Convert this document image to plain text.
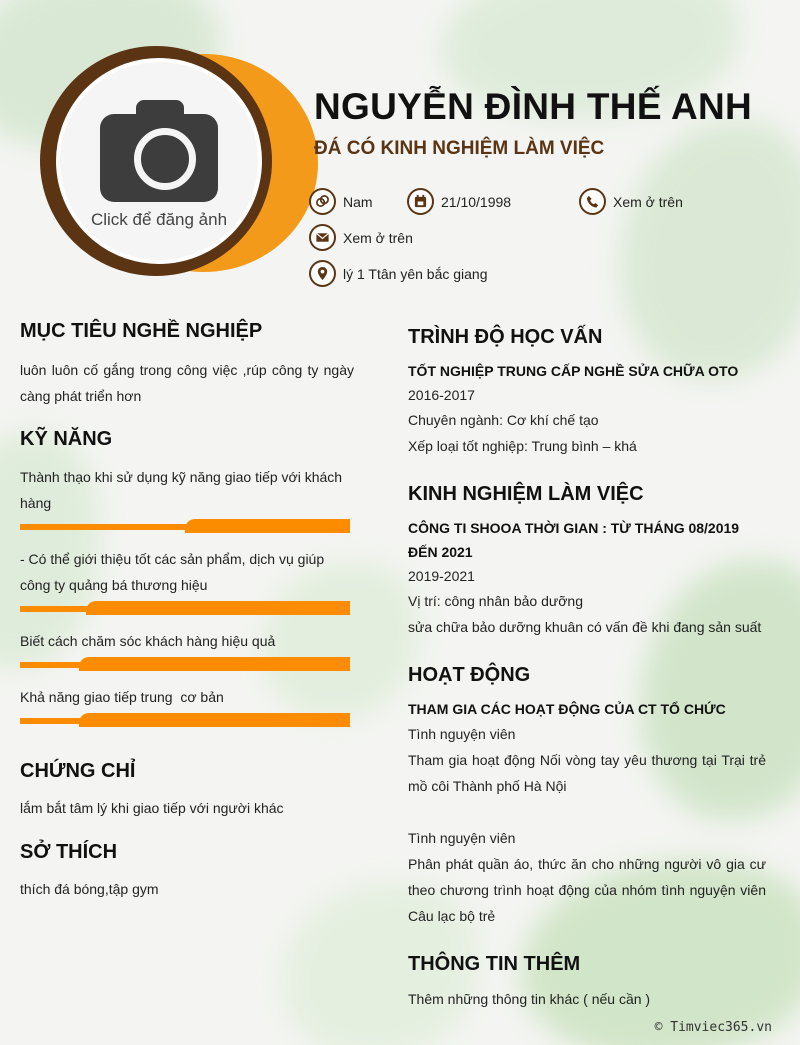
Click để đăng ảnh
NGUYỄN ĐÌNH THẾ ANH
ĐÁ CÓ KINH NGHIỆM LÀM VIỆC
Nam	21/10/1998	Xem ở trên
Xem ở trên
lý 1 Ttân yên bắc giang
MỤC TIÊU NGHỀ NGHIỆP
luôn luôn cố gắng trong công việc ,rúp công ty ngày càng phát triển hơn
KỸ NĂNG
Thành thạo khi sử dụng kỹ năng giao tiếp với khách hàng
- Có thể giới thiệu tốt các sản phẩm, dịch vụ giúp công ty quảng bá thương hiệu
Biết cách chăm sóc khách hàng hiệu quả
Khả năng giao tiếp trung  cơ bản
CHỨNG CHỈ
lắm bắt tâm lý khi giao tiếp với người khác
SỞ THÍCH
thích đá bóng,tập gym
TRÌNH ĐỘ HỌC VẤN
TỐT NGHIỆP TRUNG CẤP NGHỀ SỬA CHỮA OTO
2016-2017
Chuyên ngành: Cơ khí chế tạo
Xếp loại tốt nghiệp: Trung bình – khá
KINH NGHIỆM LÀM VIỆC
CÔNG TI SHOOA THỜI GIAN : TỪ THÁNG 08/2019 ĐẾN 2021
2019-2021
Vị trí: công nhân bảo dưỡng
sửa chữa bảo dưỡng khuân có vấn đề khi đang sản suất
HOẠT ĐỘNG
THAM GIA CÁC HOẠT ĐỘNG CỦA CT TỔ CHỨC
Tình nguyện viên
Tham gia hoạt động Nối vòng tay yêu thương tại Trại trẻ mồ côi Thành phố Hà Nội
Tình nguyện viên
Phân phát quần áo, thức ăn cho những người vô gia cư theo chương trình hoạt động của nhóm tình nguyện viên Câu lạc bộ trẻ
THÔNG TIN THÊM
Thêm những thông tin khác ( nếu cần )
© Timviec365.vn
